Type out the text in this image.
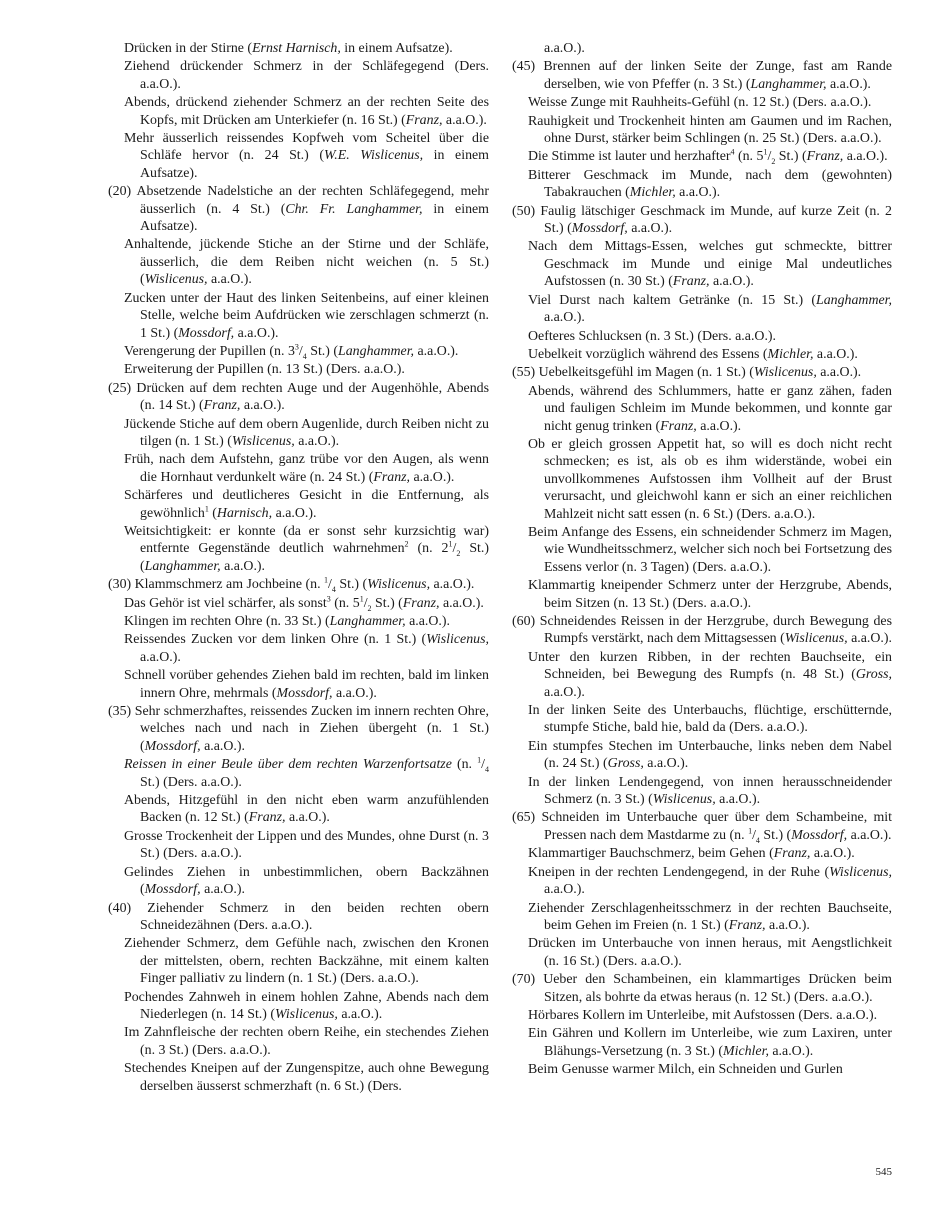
Drücken in der Stirne (Ernst Harnisch, in einem Aufsatze).

Ziehend drückender Schmerz in der Schläfegegend (Ders. a.a.O.).

Abends, drückend ziehender Schmerz an der rechten Seite des Kopfs, mit Drücken am Unterkiefer (n. 16 St.) (Franz, a.a.O.).

Mehr äusserlich reissendes Kopfweh vom Scheitel über die Schläfe hervor (n. 24 St.) (W.E. Wislicenus, in einem Aufsatze).

(20) Absetzende Nadelstiche an der rechten Schläfegegend, mehr äusserlich (n. 4 St.) (Chr. Fr. Langhammer, in einem Aufsatze).

Anhaltende, jückende Stiche an der Stirne und der Schläfe, äusserlich, die dem Reiben nicht weichen (n. 5 St.) (Wislicenus, a.a.O.).

Zucken unter der Haut des linken Seitenbeins, auf einer kleinen Stelle, welche beim Aufdrücken wie zerschlagen schmerzt (n. 1 St.) (Mossdorf, a.a.O.).

Verengerung der Pupillen (n. $3^3/_4$ St.) (Langhammer, a.a.O.).

Erweiterung der Pupillen (n. 13 St.) (Ders. a.a.O.).

(25) Drücken auf dem rechten Auge und der Augenhöhle, Abends (n. 14 St.) (Franz, a.a.O.).

Jückende Stiche auf dem obern Augenlide, durch Reiben nicht zu tilgen (n. 1 St.) (Wislicenus, a.a.O.).

Früh, nach dem Aufstehn, ganz trübe vor den Augen, als wenn die Hornhaut verdunkelt wäre (n. 24 St.) (Franz, a.a.O.).

Schärferes und deutlicheres Gesicht in die Entfernung, als gewöhnlich$^1$ (Harnisch, a.a.O.).

Weitsichtigkeit: er konnte (da er sonst sehr kurzsichtig war) entfernte Gegenstände deutlich wahrnehmen$^2$ (n. $2^1/_2$ St.) (Langhammer, a.a.O.).

(30) Klammschmerz am Jochbeine (n. $^1/_4$ St.) (Wislicenus, a.a.O.).

Das Gehör ist viel schärfer, als sonst$^3$ (n. $5^1/_2$ St.) (Franz, a.a.O.).

Klingen im rechten Ohre (n. 33 St.) (Langhammer, a.a.O.).

Reissendes Zucken vor dem linken Ohre (n. 1 St.) (Wislicenus, a.a.O.).

Schnell vorüber gehendes Ziehen bald im rechten, bald im linken innern Ohre, mehrmals (Mossdorf, a.a.O.).

(35) Sehr schmerzhaftes, reissendes Zucken im innern rechten Ohre, welches nach und nach in Ziehen übergeht (n. 1 St.) (Mossdorf, a.a.O.).

Reissen in einer Beule über dem rechten Warzenfortsatze (n. $^1/_4$ St.) (Ders. a.a.O.).

Abends, Hitzgefühl in den nicht eben warm anzufühlenden Backen (n. 12 St.) (Franz, a.a.O.).

Grosse Trockenheit der Lippen und des Mundes, ohne Durst (n. 3 St.) (Ders. a.a.O.).

Gelindes Ziehen in unbestimmlichen, obern Backzähnen (Mossdorf, a.a.O.).

(40) Ziehender Schmerz in den beiden rechten obern Schneidezähnen (Ders. a.a.O.).

Ziehender Schmerz, dem Gefühle nach, zwischen den Kronen der mittelsten, obern, rechten Backzähne, mit einem kalten Finger palliativ zu lindern (n. 1 St.) (Ders. a.a.O.).

Pochendes Zahnweh in einem hohlen Zahne, Abends nach dem Niederlegen (n. 14 St.) (Wislicenus, a.a.O.).

Im Zahnfleische der rechten obern Reihe, ein stechendes Ziehen (n. 3 St.) (Ders. a.a.O.).

Stechendes Kneipen auf der Zungenspitze, auch ohne Bewegung derselben äusserst schmerzhaft (n. 6 St.) (Ders.

a.a.O.).

(45) Brennen auf der linken Seite der Zunge, fast am Rande derselben, wie von Pfeffer (n. 3 St.) (Langhammer, a.a.O.).

Weisse Zunge mit Rauhheits-Gefühl (n. 12 St.) (Ders. a.a.O.).

Rauhigkeit und Trockenheit hinten am Gaumen und im Rachen, ohne Durst, stärker beim Schlingen (n. 25 St.) (Ders. a.a.O.).

Die Stimme ist lauter und herzhafter$^4$ (n. $5^1/_2$ St.) (Franz, a.a.O.).

Bitterer Geschmack im Munde, nach dem (gewohnten) Tabakrauchen (Michler, a.a.O.).

(50) Faulig lätschiger Geschmack im Munde, auf kurze Zeit (n. 2 St.) (Mossdorf, a.a.O.).

Nach dem Mittags-Essen, welches gut schmeckte, bittrer Geschmack im Munde und einige Mal undeutliches Aufstossen (n. 30 St.) (Franz, a.a.O.).

Viel Durst nach kaltem Getränke (n. 15 St.) (Langhammer, a.a.O.).

Oefteres Schlucksen (n. 3 St.) (Ders. a.a.O.).

Uebelkeit vorzüglich während des Essens (Michler, a.a.O.).

(55) Uebelkeitsgefühl im Magen (n. 1 St.) (Wislicenus, a.a.O.).

Abends, während des Schlummers, hatte er ganz zähen, faden und fauligen Schleim im Munde bekommen, und konnte gar nicht genug trinken (Franz, a.a.O.).

Ob er gleich grossen Appetit hat, so will es doch nicht recht schmecken; es ist, als ob es ihm widerstände, wobei ein unvollkommenes Aufstossen ihm Vollheit auf der Brust verursacht, und gleichwohl kann er sich an einer reichlichen Mahlzeit nicht satt essen (n. 6 St.) (Ders. a.a.O.).

Beim Anfange des Essens, ein schneidender Schmerz im Magen, wie Wundheitsschmerz, welcher sich noch bei Fortsetzung des Essens verlor (n. 3 Tagen) (Ders. a.a.O.).

Klammartig kneipender Schmerz unter der Herzgrube, Abends, beim Sitzen (n. 13 St.) (Ders. a.a.O.).

(60) Schneidendes Reissen in der Herzgrube, durch Bewegung des Rumpfs verstärkt, nach dem Mittagsessen (Wislicenus, a.a.O.).

Unter den kurzen Ribben, in der rechten Bauchseite, ein Schneiden, bei Bewegung des Rumpfs (n. 48 St.) (Gross, a.a.O.).

In der linken Seite des Unterbauchs, flüchtige, erschütternde, stumpfe Stiche, bald hie, bald da (Ders. a.a.O.).

Ein stumpfes Stechen im Unterbauche, links neben dem Nabel (n. 24 St.) (Gross, a.a.O.).

In der linken Lendengegend, von innen herausschneidender Schmerz (n. 3 St.) (Wislicenus, a.a.O.).

(65) Schneiden im Unterbauche quer über dem Schambeine, mit Pressen nach dem Mastdarme zu (n. $^1/_4$ St.) (Mossdorf, a.a.O.).

Klammartiger Bauchschmerz, beim Gehen (Franz, a.a.O.).

Kneipen in der rechten Lendengegend, in der Ruhe (Wislicenus, a.a.O.).

Ziehender Zerschlagenheitsschmerz in der rechten Bauchseite, beim Gehen im Freien (n. 1 St.) (Franz, a.a.O.).

Drücken im Unterbauche von innen heraus, mit Aengstlichkeit (n. 16 St.) (Ders. a.a.O.).

(70) Ueber den Schambeinen, ein klammartiges Drücken beim Sitzen, als bohrte da etwas heraus (n. 12 St.) (Ders. a.a.O.).

Hörbares Kollern im Unterleibe, mit Aufstossen (Ders. a.a.O.).

Ein Gähren und Kollern im Unterleibe, wie zum Laxiren, unter Blähungs-Versetzung (n. 3 St.) (Michler, a.a.O.).

Beim Genusse warmer Milch, ein Schneiden und Gurlen

545
